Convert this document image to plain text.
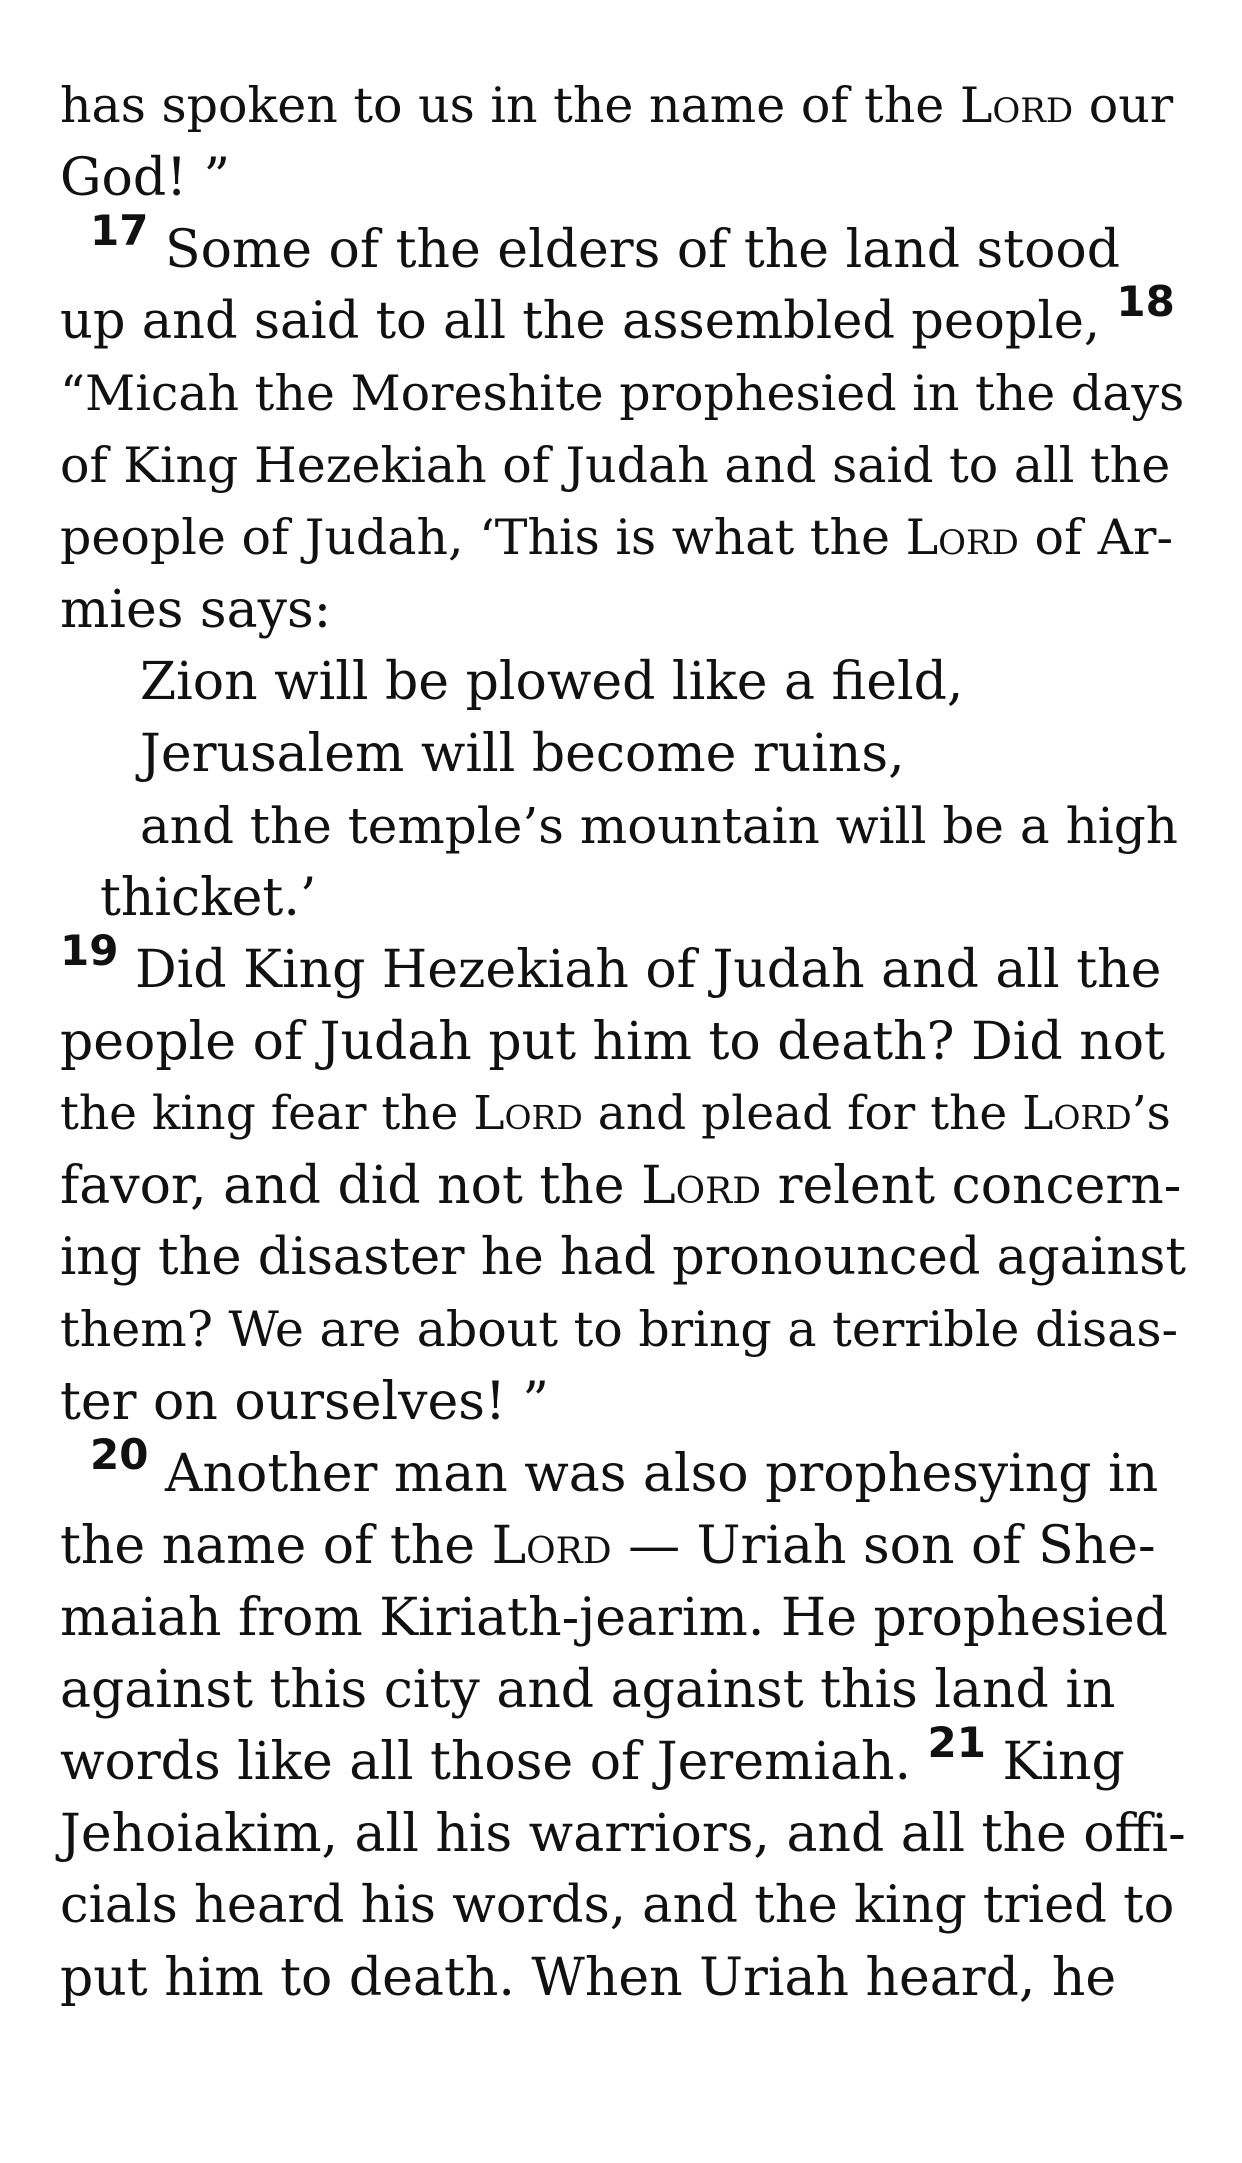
has spoken to us in the name of the Lord our
God! ”
$^{17}$ Some of the elders of the land stood
up and said to all the assembled people, $^{18}$
“Micah the Moreshite prophesied in the days
of King Hezekiah of Judah and said to all the
people of Judah, ‘This is what the Lord of Ar-
mies says:
Zion will be plowed like a field,
Jerusalem will become ruins,
and the temple’s mountain will be a high
thicket.’
$^{19}$ Did King Hezekiah of Judah and all the
people of Judah put him to death? Did not
the king fear the Lord and plead for the Lord’s
favor, and did not the Lord relent concern-
ing the disaster he had pronounced against
them? We are about to bring a terrible disas-
ter on ourselves! ”
$^{20}$ Another man was also prophesying in
the name of the Lord — Uriah son of She-
maiah from Kiriath-jearim. He prophesied
against this city and against this land in
words like all those of Jeremiah. $^{21}$ King
Jehoiakim, all his warriors, and all the offi-
cials heard his words, and the king tried to
put him to death. When Uriah heard, he
